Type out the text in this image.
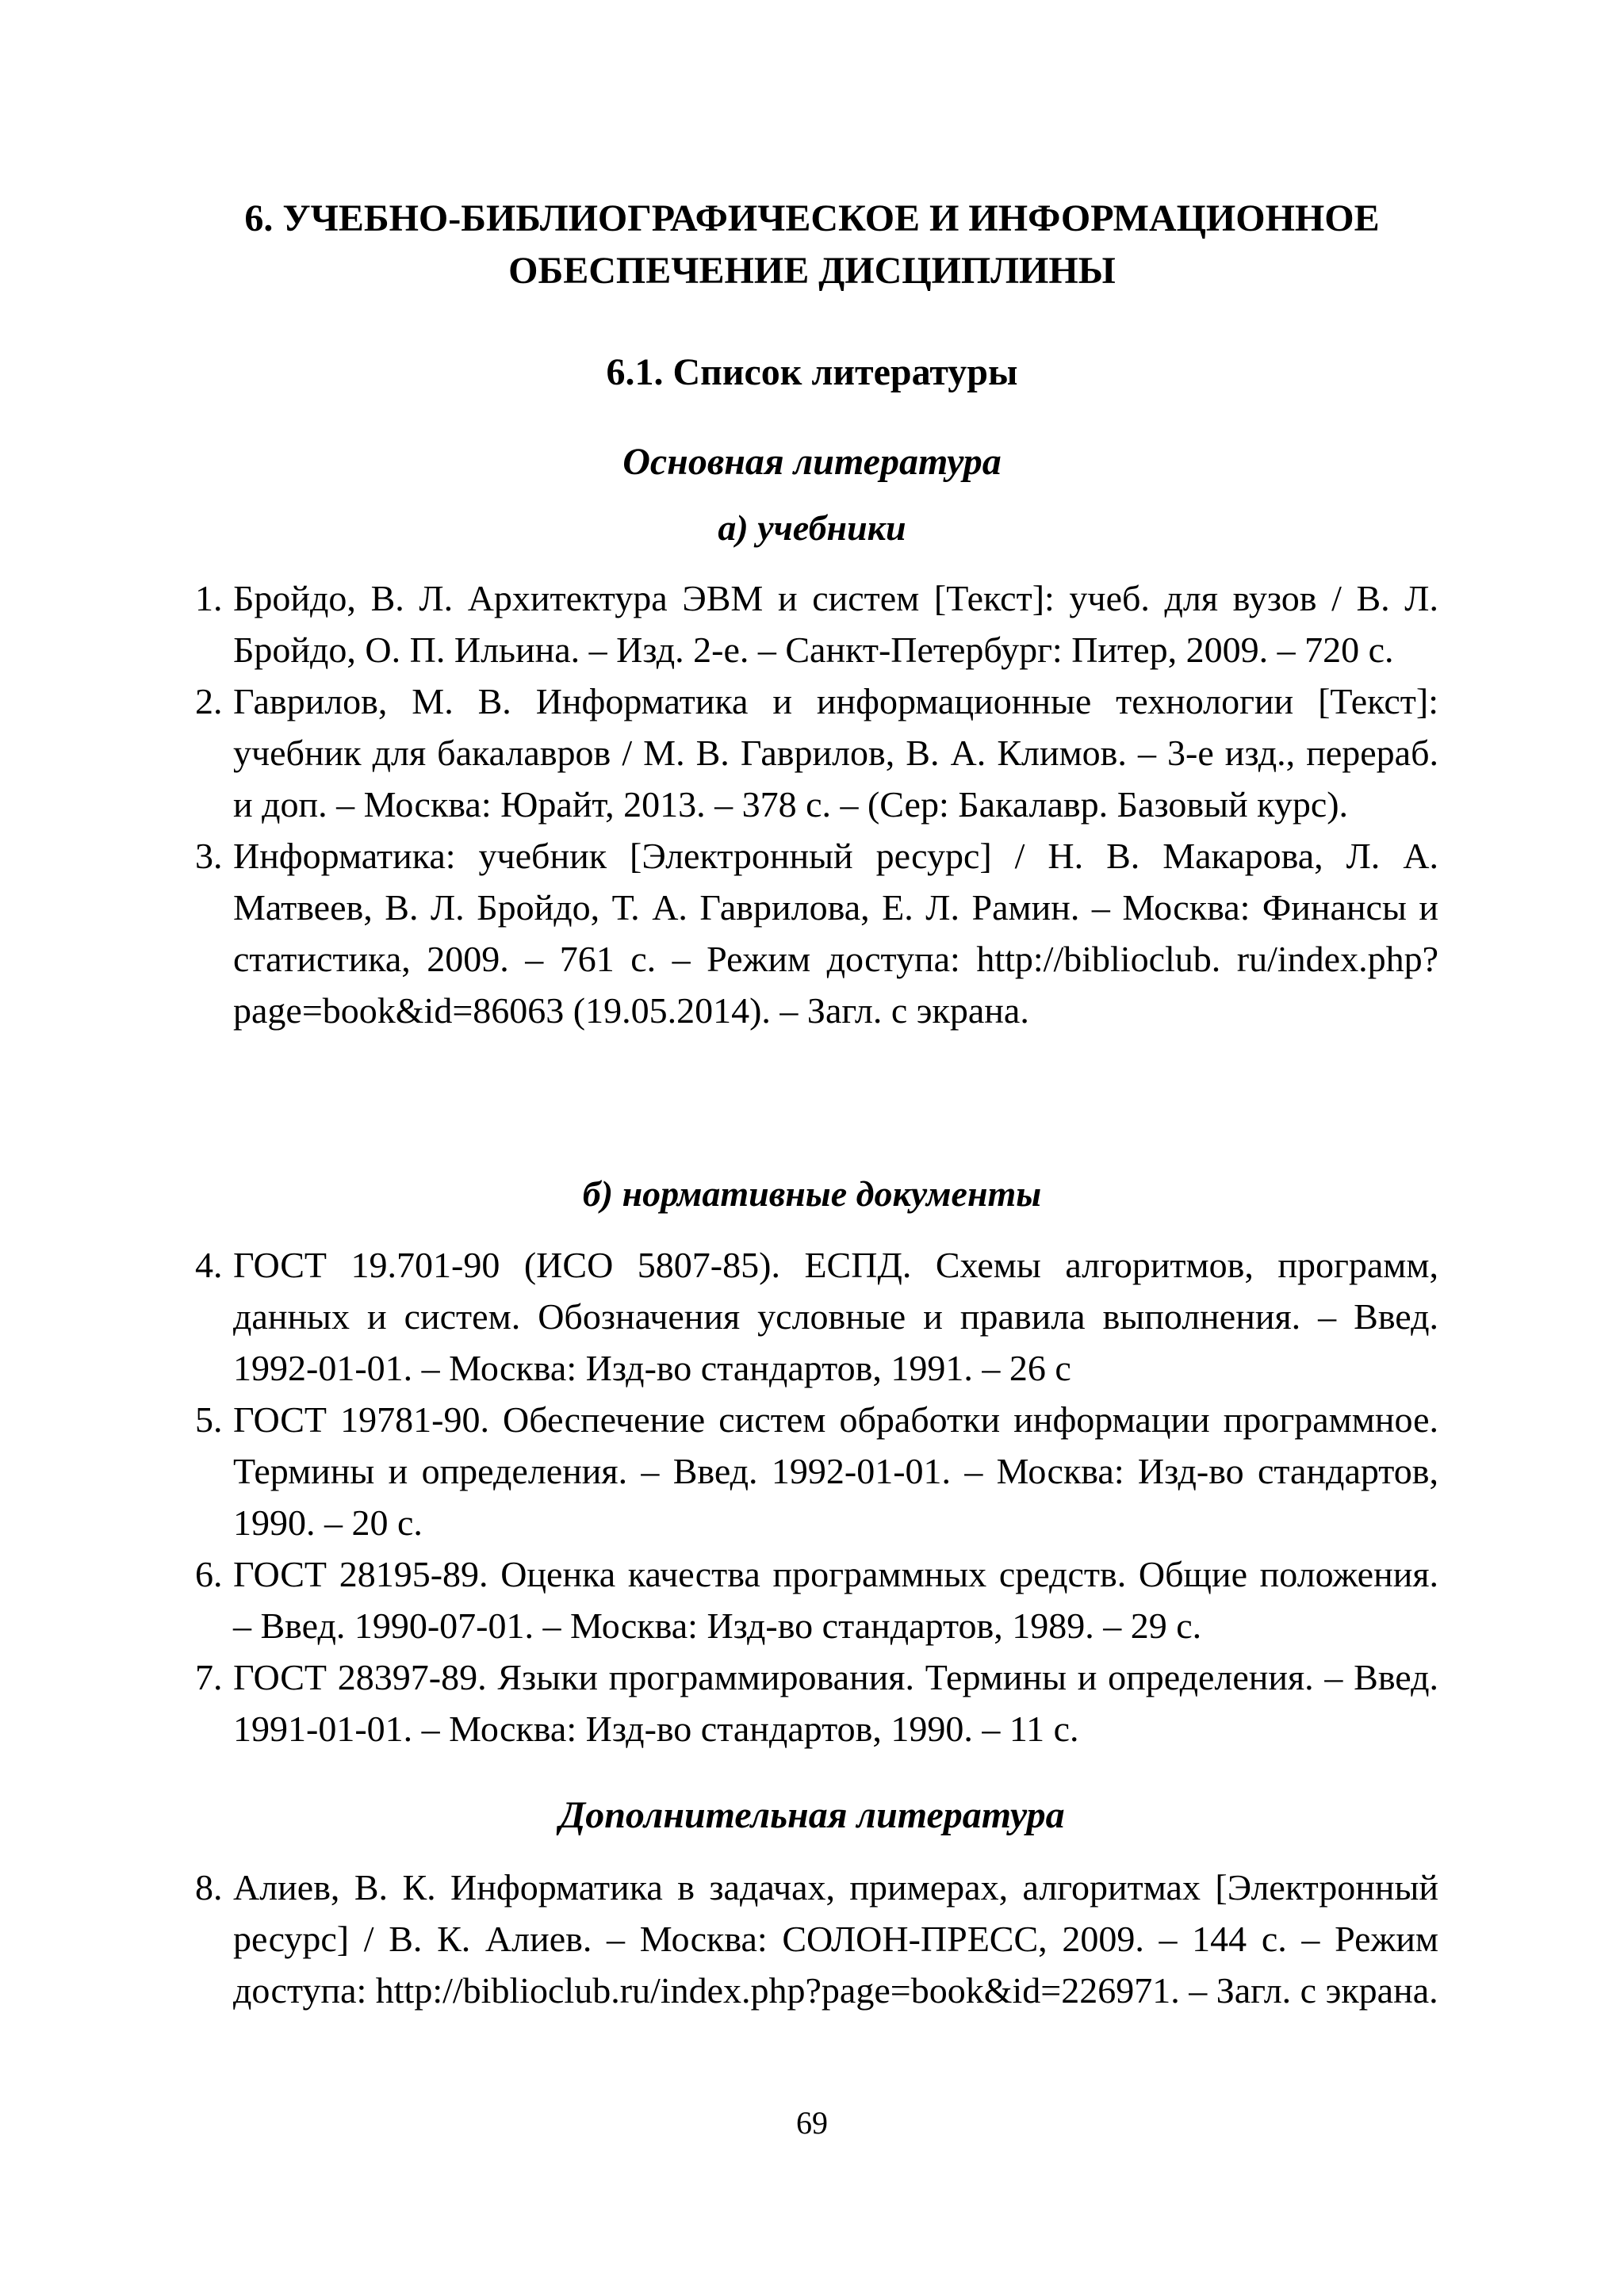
6. УЧЕБНО-БИБЛИОГРАФИЧЕСКОЕ И ИНФОРМАЦИОННОЕ
ОБЕСПЕЧЕНИЕ ДИСЦИПЛИНЫ
6.1. Список литературы
Основная литература
а) учебники
1. Бройдо, В. Л. Архитектура ЭВМ и систем [Текст]: учеб. для вузов / В. Л. Бройдо, О. П. Ильина. – Изд. 2-е. – Санкт-Петербург: Питер, 2009. – 720 с.
2. Гаврилов, М. В. Информатика и информационные технологии [Текст]: учебник для бакалавров / М. В. Гаврилов, В. А. Климов. – 3-е изд., перераб. и доп. – Москва: Юрайт, 2013. – 378 с. – (Сер: Бакалавр. Базовый курс).
3. Информатика: учебник [Электронный ресурс] / Н. В. Макарова, Л. А. Матвеев, В. Л. Бройдо, Т. А. Гаврилова, Е. Л. Рамин. – Москва: Финансы и статистика, 2009. – 761 с. – Режим доступа: http://biblioclub. ru/index.php?page=book&id=86063 (19.05.2014). – Загл. с экрана.
б) нормативные документы
4. ГОСТ 19.701-90 (ИСО 5807-85). ЕСПД. Схемы алгоритмов, программ, данных и систем. Обозначения условные и правила выполнения. – Введ. 1992-01-01. – Москва: Изд-во стандартов, 1991. – 26 с
5. ГОСТ 19781-90. Обеспечение систем обработки информации программное. Термины и определения. – Введ. 1992-01-01. – Москва: Изд-во стандартов, 1990. – 20 с.
6. ГОСТ 28195-89. Оценка качества программных средств. Общие положения. – Введ. 1990-07-01. – Москва: Изд-во стандартов, 1989. – 29 с.
7. ГОСТ 28397-89. Языки программирования. Термины и определения. – Введ. 1991-01-01. – Москва: Изд-во стандартов, 1990. – 11 с.
Дополнительная литература
8. Алиев, В. К. Информатика в задачах, примерах, алгоритмах [Электронный ресурс] / В. К. Алиев. – Москва: СОЛОН-ПРЕСС, 2009. – 144 с. – Режим доступа: http://biblioclub.ru/index.php?page=book&id=226971. – Загл. с экрана.
69
